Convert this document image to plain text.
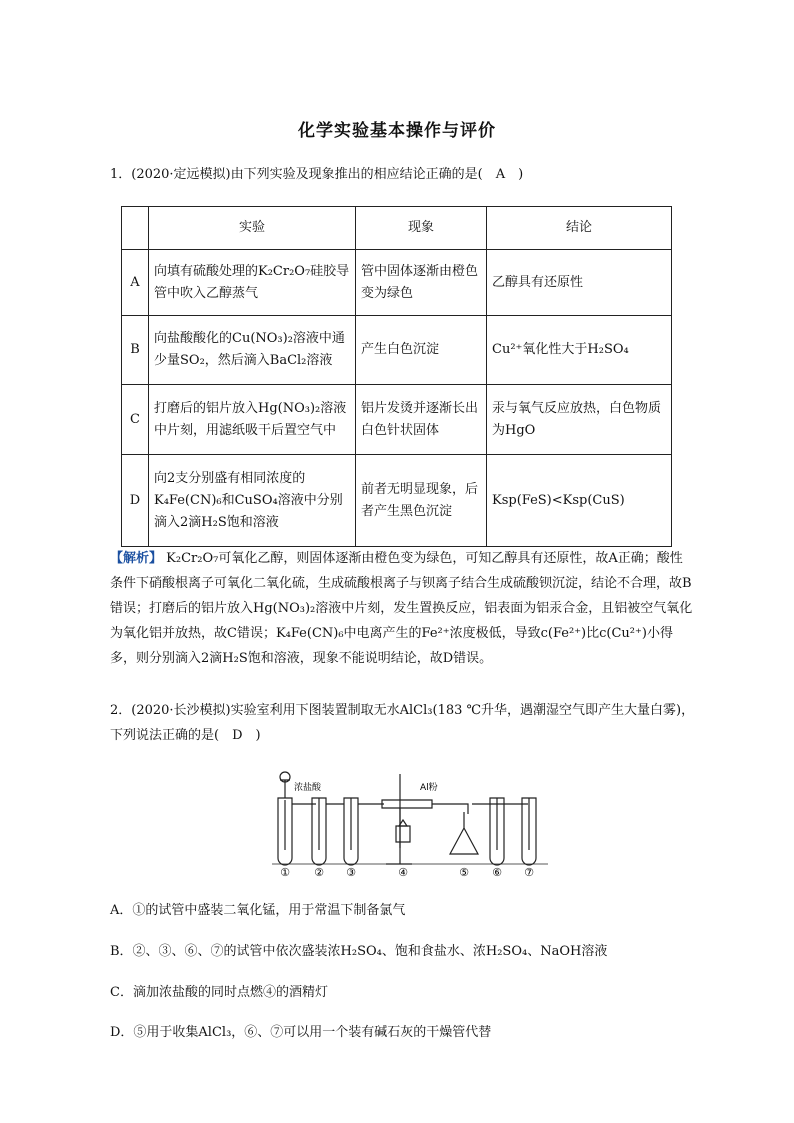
化学实验基本操作与评价
1．(2020·定远模拟)由下列实验及现象推出的相应结论正确的是(　A　)
	实验	现象	结论
A	向填有硫酸处理的K₂Cr₂O₇硅胶导管中吹入乙醇蒸气	管中固体逐渐由橙色变为绿色	乙醇具有还原性
B	向盐酸酸化的Cu(NO₃)₂溶液中通少量SO₂，然后滴入BaCl₂溶液	产生白色沉淀	Cu²⁺氧化性大于H₂SO₄
C	打磨后的铝片放入Hg(NO₃)₂溶液中片刻，用滤纸吸干后置空气中	铝片发烫并逐渐长出白色针状固体	汞与氧气反应放热，白色物质为HgO
D	向2支分别盛有相同浓度的K₄Fe(CN)₆和CuSO₄溶液中分别滴入2滴H₂S饱和溶液	前者无明显现象，后者产生黑色沉淀	Ksp(FeS)<Ksp(CuS)
【解析】 K₂Cr₂O₇可氧化乙醇，则固体逐渐由橙色变为绿色，可知乙醇具有还原性，故A正确；酸性条件下硝酸根离子可氧化二氧化硫，生成硫酸根离子与钡离子结合生成硫酸钡沉淀，结论不合理，故B错误；打磨后的铝片放入Hg(NO₃)₂溶液中片刻，发生置换反应，铝表面为铝汞合金，且铝被空气氧化为氧化铝并放热，故C错误；K₄Fe(CN)₆中电离产生的Fe²⁺浓度极低，导致c(Fe²⁺)比c(Cu²⁺)小得多，则分别滴入2滴H₂S饱和溶液，现象不能说明结论，故D错误。
2．(2020·长沙模拟)实验室利用下图装置制取无水AlCl₃(183 ℃升华，遇潮湿空气即产生大量白雾)，
下列说法正确的是(　D　)
浓盐酸	Al粉
① ② ③	④	⑤ ⑥ ⑦
A．①的试管中盛装二氧化锰，用于常温下制备氯气
B．②、③、⑥、⑦的试管中依次盛装浓H₂SO₄、饱和食盐水、浓H₂SO₄、NaOH溶液
C．滴加浓盐酸的同时点燃④的酒精灯
D．⑤用于收集AlCl₃，⑥、⑦可以用一个装有碱石灰的干燥管代替
